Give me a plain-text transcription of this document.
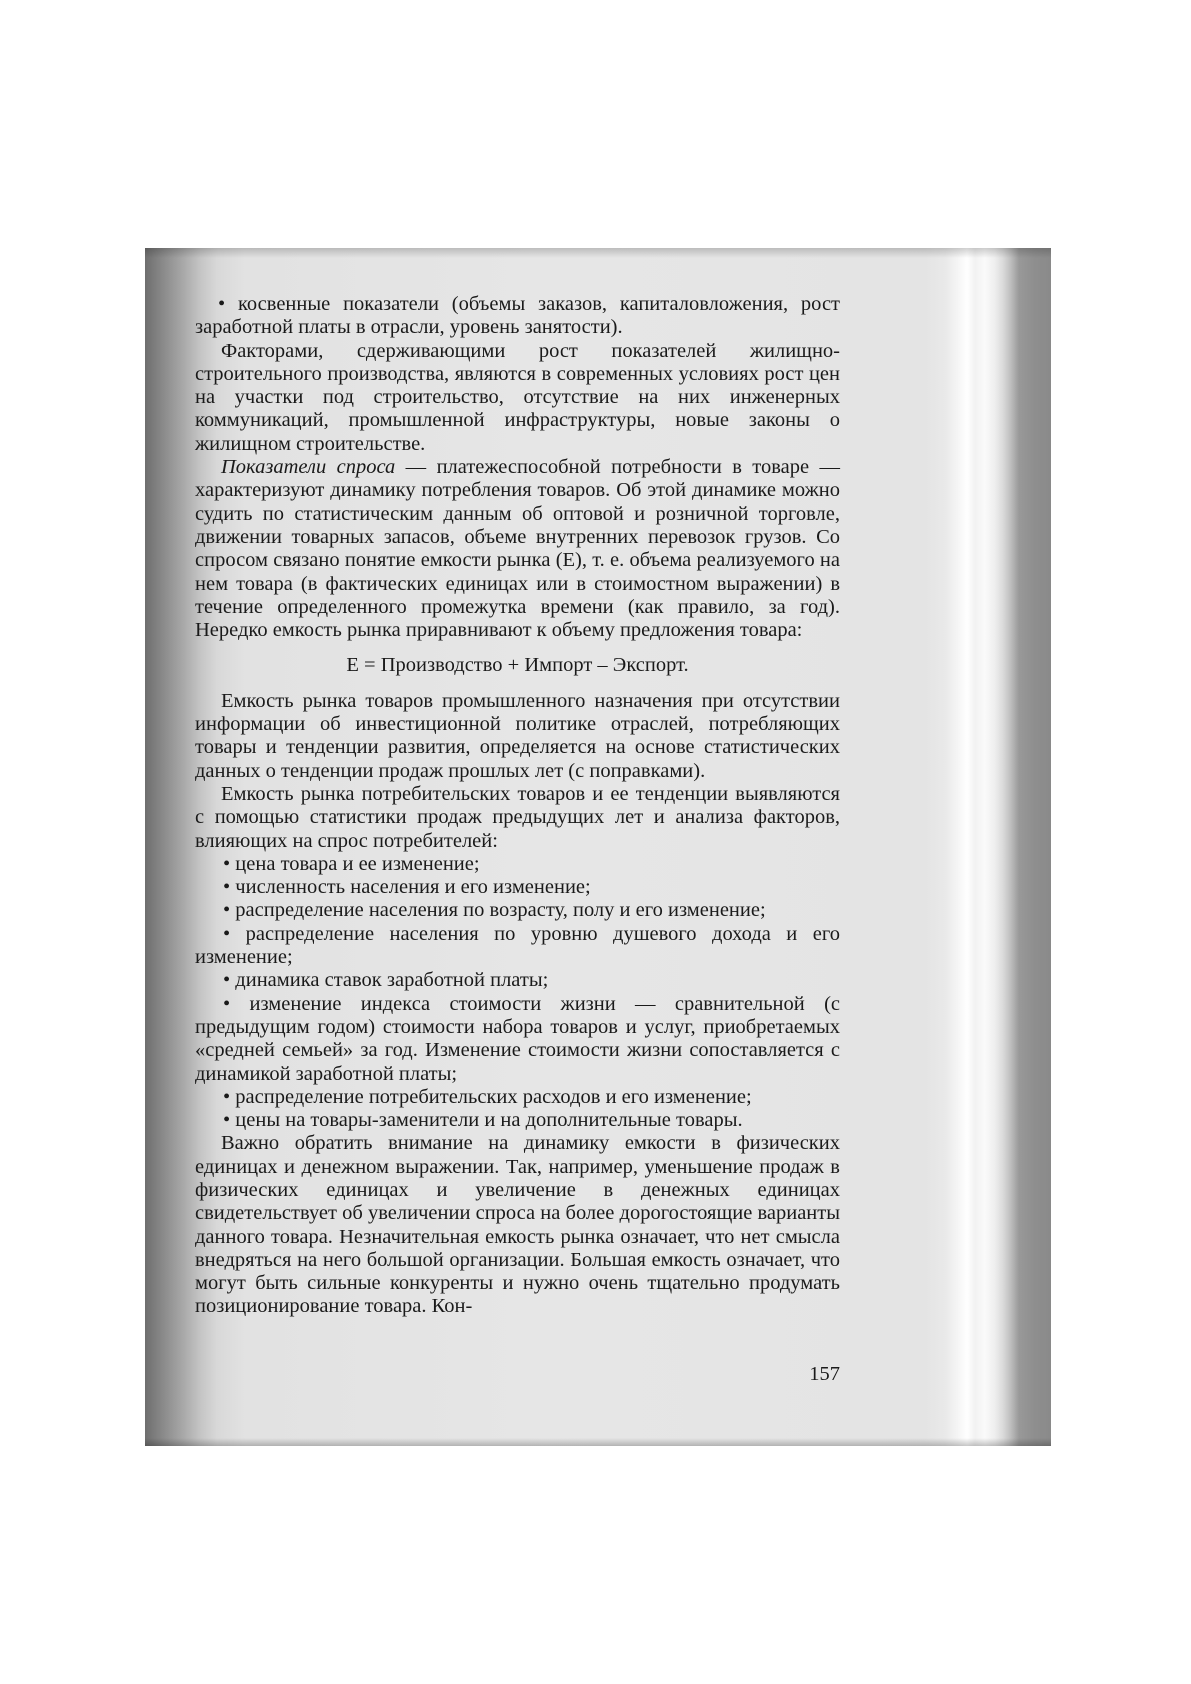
• косвенные показатели (объемы заказов, капиталовложения, рост заработной платы в отрасли, уровень занятости).

Факторами, сдерживающими рост показателей жилищно-строительного производства, являются в современных условиях рост цен на участки под строительство, отсутствие на них инженерных коммуникаций, промышленной инфраструктуры, новые законы о жилищном строительстве.

Показатели спроса — платежеспособной потребности в товаре — характеризуют динамику потребления товаров. Об этой динамике можно судить по статистическим данным об оптовой и розничной торговле, движении товарных запасов, объеме внутренних перевозок грузов. Со спросом связано понятие емкости рынка (Е), т. е. объема реализуемого на нем товара (в фактических единицах или в стоимостном выражении) в течение определенного промежутка времени (как правило, за год). Нередко емкость рынка приравнивают к объему предложения товара:

Е = Производство + Импорт – Экспорт.

Емкость рынка товаров промышленного назначения при отсутствии информации об инвестиционной политике отраслей, потребляющих товары и тенденции развития, определяется на основе статистических данных о тенденции продаж прошлых лет (с поправками).

Емкость рынка потребительских товаров и ее тенденции выявляются с помощью статистики продаж предыдущих лет и анализа факторов, влияющих на спрос потребителей:

• цена товара и ее изменение;

• численность населения и его изменение;

• распределение населения по возрасту, полу и его изменение;

• распределение населения по уровню душевого дохода и его изменение;

• динамика ставок заработной платы;

• изменение индекса стоимости жизни — сравнительной (с предыдущим годом) стоимости набора товаров и услуг, приобретаемых «средней семьей» за год. Изменение стоимости жизни сопоставляется с динамикой заработной платы;

• распределение потребительских расходов и его изменение;

• цены на товары-заменители и на дополнительные товары.

Важно обратить внимание на динамику емкости в физических единицах и денежном выражении. Так, например, уменьшение продаж в физических единицах и увеличение в денежных единицах свидетельствует об увеличении спроса на более дорогостоящие варианты данного товара. Незначительная емкость рынка означает, что нет смысла внедряться на него большой организации. Большая емкость означает, что могут быть сильные конкуренты и нужно очень тщательно продумать позиционирование товара. Кон-

157
